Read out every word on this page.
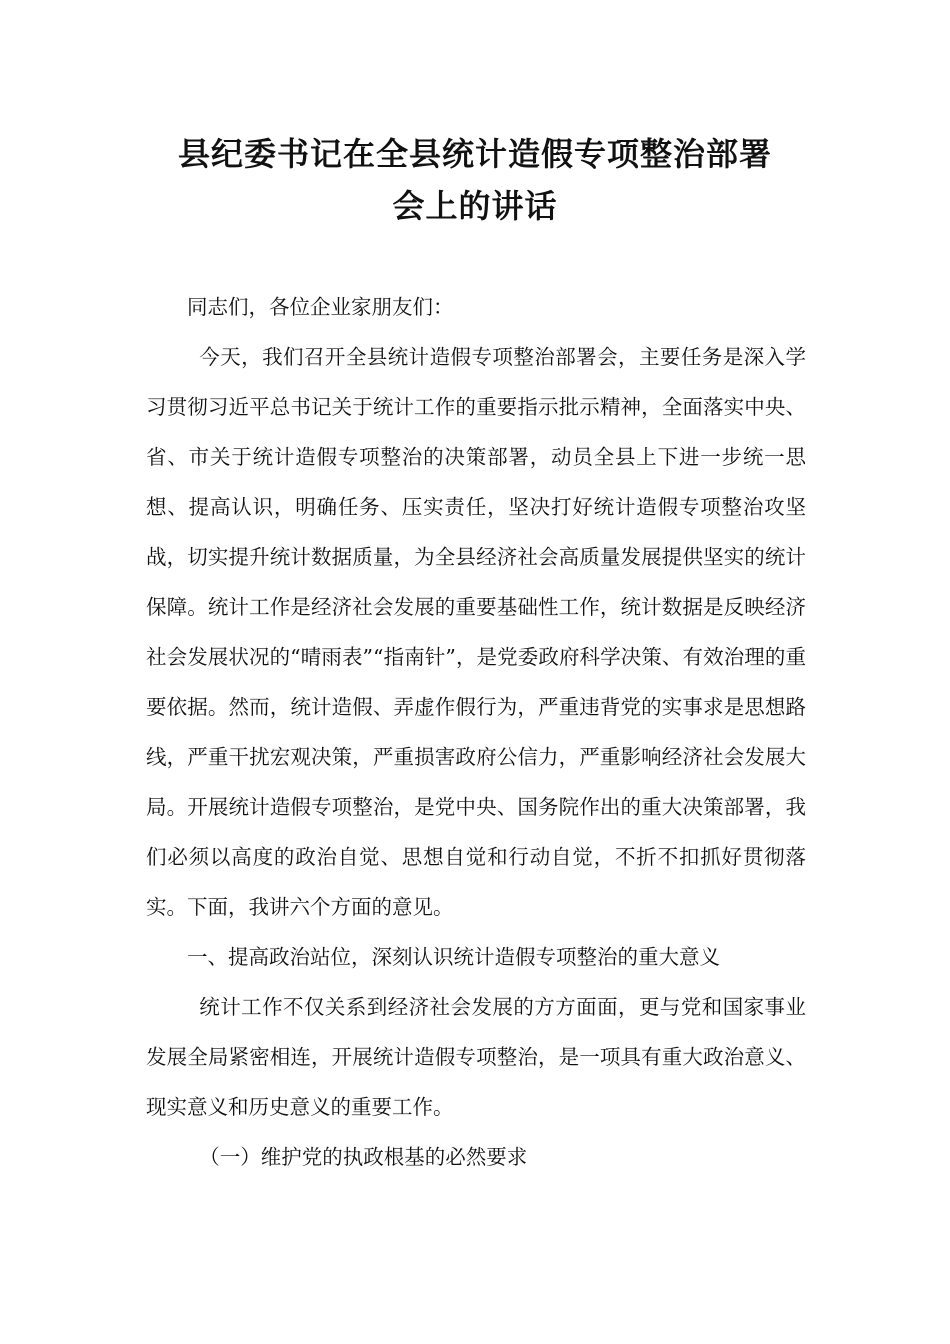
县纪委书记在全县统计造假专项整治部署
会上的讲话

同志们，各位企业家朋友们：

今天，我们召开全县统计造假专项整治部署会，主要任务是深入学习贯彻习近平总书记关于统计工作的重要指示批示精神，全面落实中央、省、市关于统计造假专项整治的决策部署，动员全县上下进一步统一思想、提高认识，明确任务、压实责任，坚决打好统计造假专项整治攻坚战，切实提升统计数据质量，为全县经济社会高质量发展提供坚实的统计保障。统计工作是经济社会发展的重要基础性工作，统计数据是反映经济社会发展状况的“晴雨表”“指南针”，是党委政府科学决策、有效治理的重要依据。然而，统计造假、弄虚作假行为，严重违背党的实事求是思想路线，严重干扰宏观决策，严重损害政府公信力，严重影响经济社会发展大局。开展统计造假专项整治，是党中央、国务院作出的重大决策部署，我们必须以高度的政治自觉、思想自觉和行动自觉，不折不扣抓好贯彻落实。下面，我讲六个方面的意见。

一、提高政治站位，深刻认识统计造假专项整治的重大意义

统计工作不仅关系到经济社会发展的方方面面，更与党和国家事业发展全局紧密相连，开展统计造假专项整治，是一项具有重大政治意义、现实意义和历史意义的重要工作。

（一）维护党的执政根基的必然要求
